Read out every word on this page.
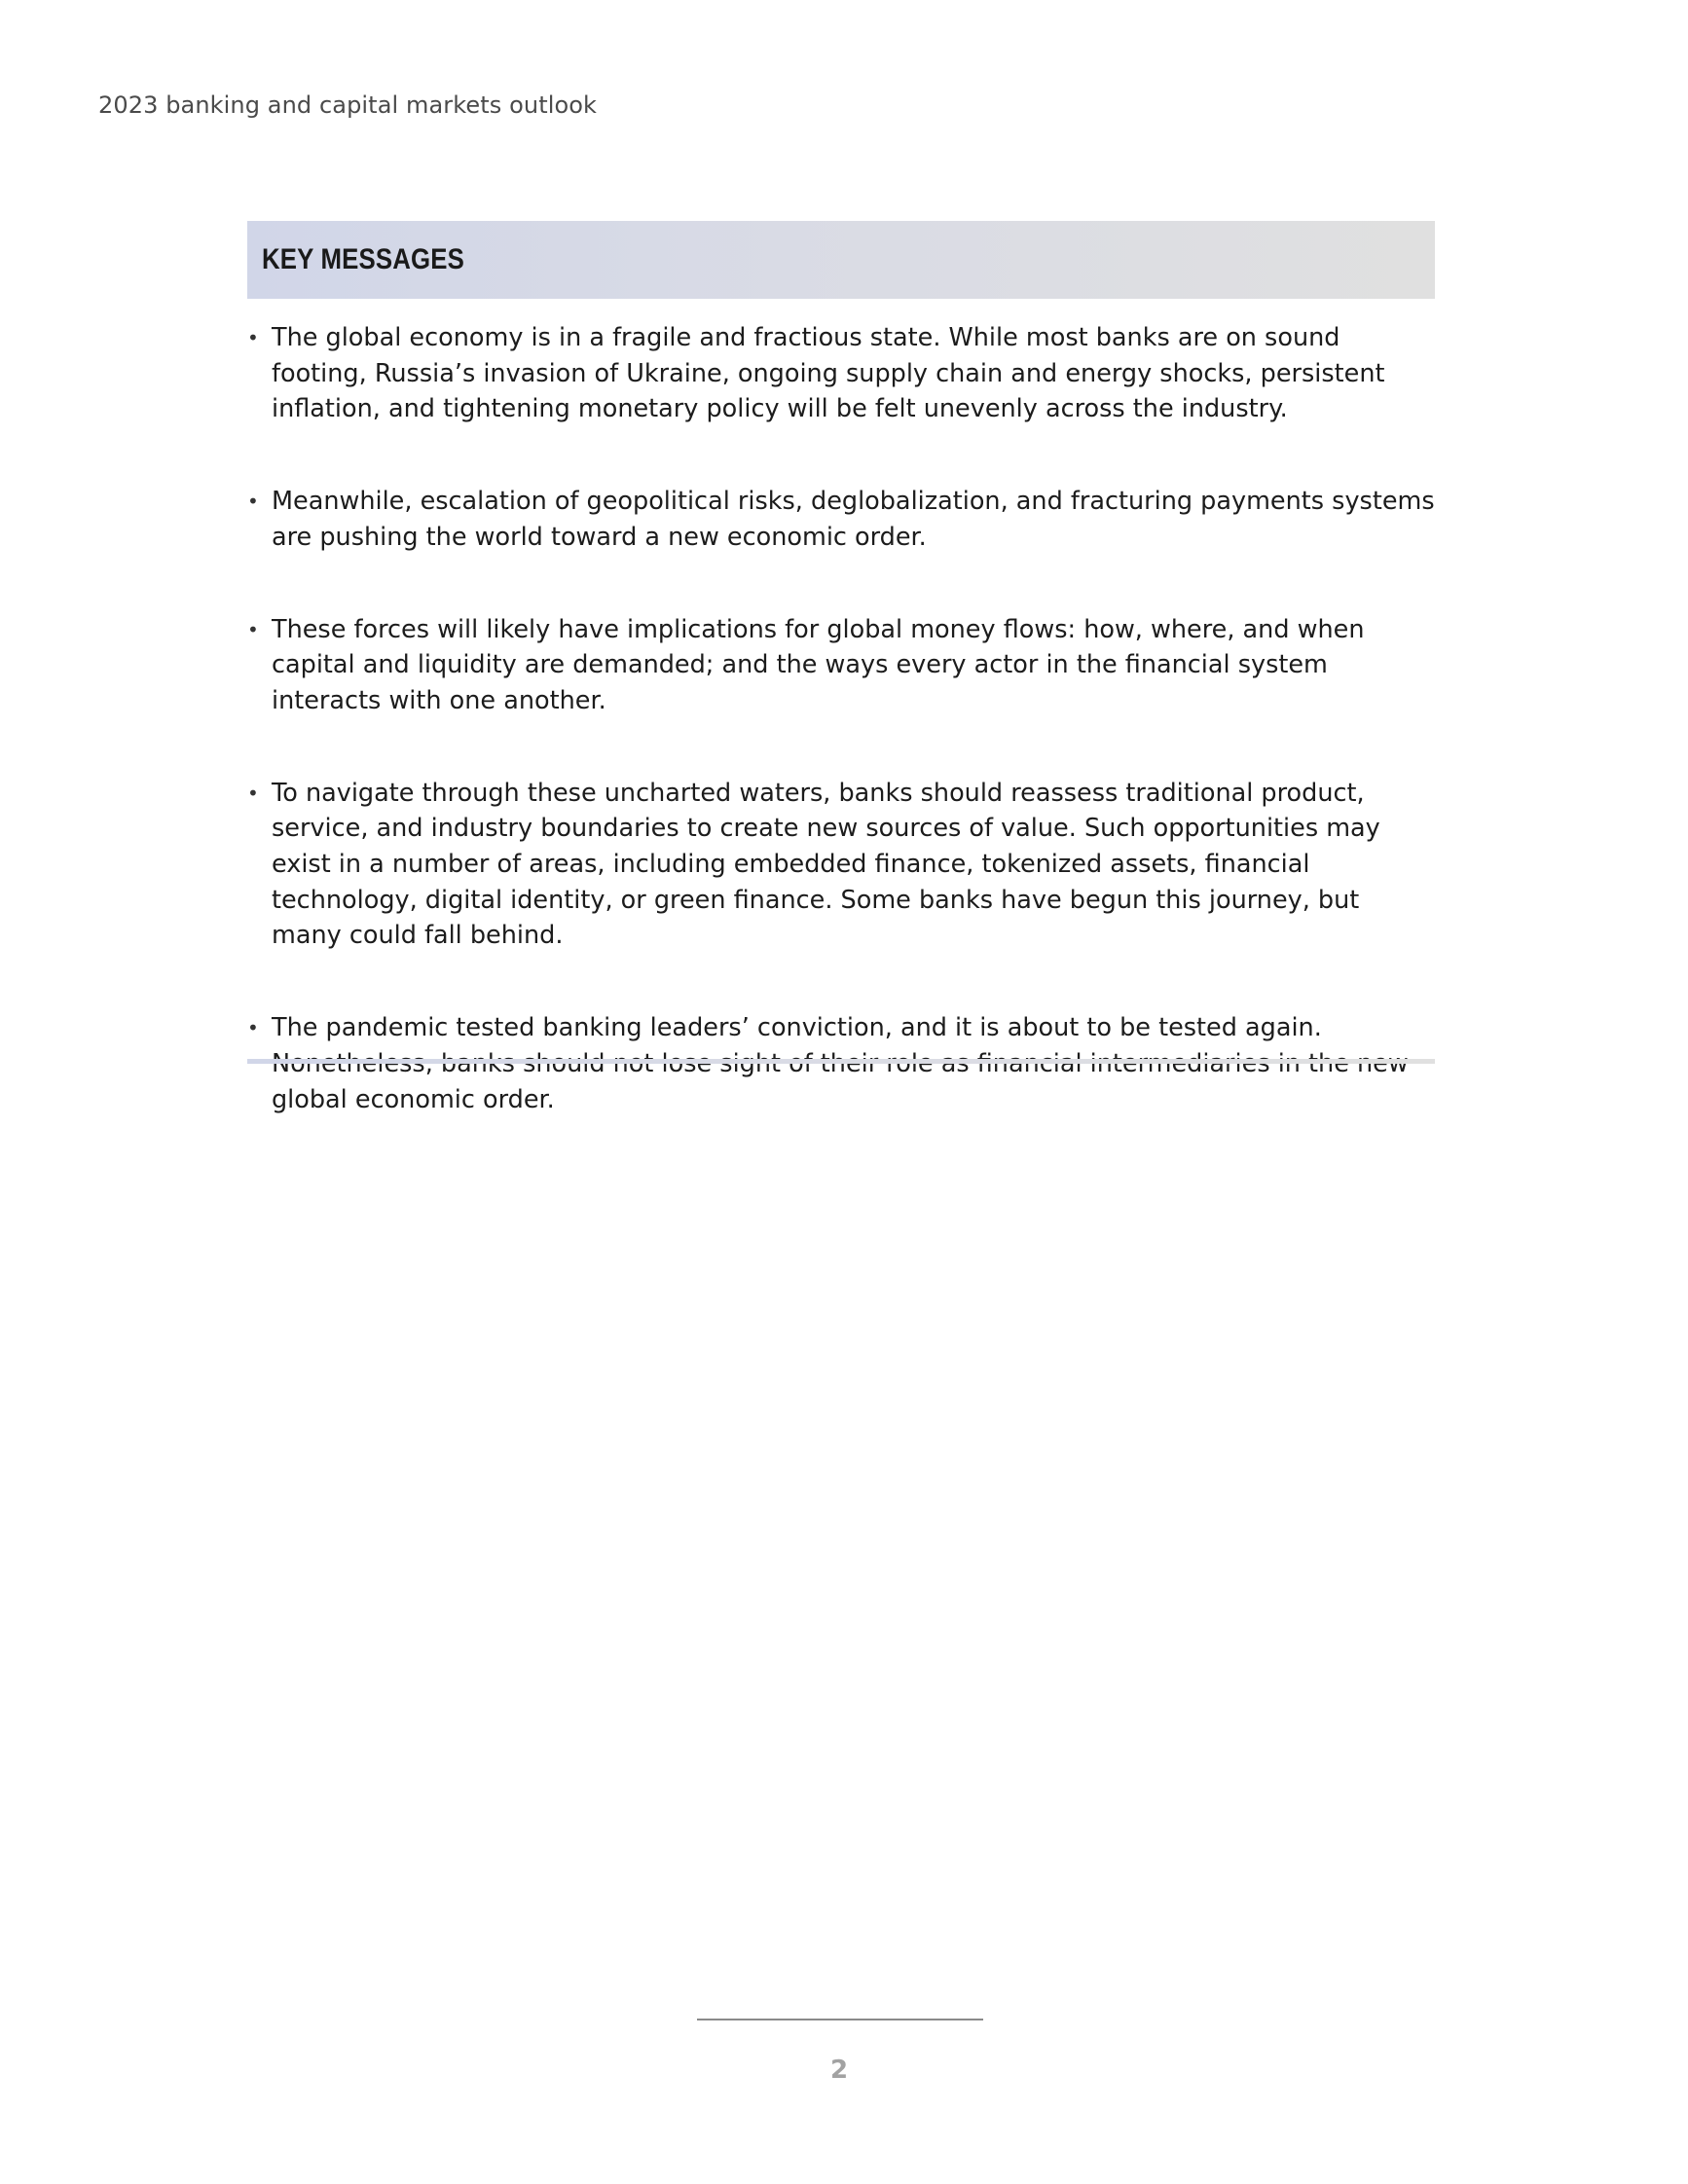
2023 banking and capital markets outlook
KEY MESSAGES
• The global economy is in a fragile and fractious state. While most banks are on sound footing, Russia’s invasion of Ukraine, ongoing supply chain and energy shocks, persistent inflation, and tightening monetary policy will be felt unevenly across the industry.
• Meanwhile, escalation of geopolitical risks, deglobalization, and fracturing payments systems are pushing the world toward a new economic order.
• These forces will likely have implications for global money flows: how, where, and when capital and liquidity are demanded; and the ways every actor in the financial system interacts with one another.
• To navigate through these uncharted waters, banks should reassess traditional product, service, and industry boundaries to create new sources of value. Such opportunities may exist in a number of areas, including embedded finance, tokenized assets, financial technology, digital identity, or green finance. Some banks have begun this journey, but many could fall behind.
• The pandemic tested banking leaders’ conviction, and it is about to be tested again. global economic order.
2
